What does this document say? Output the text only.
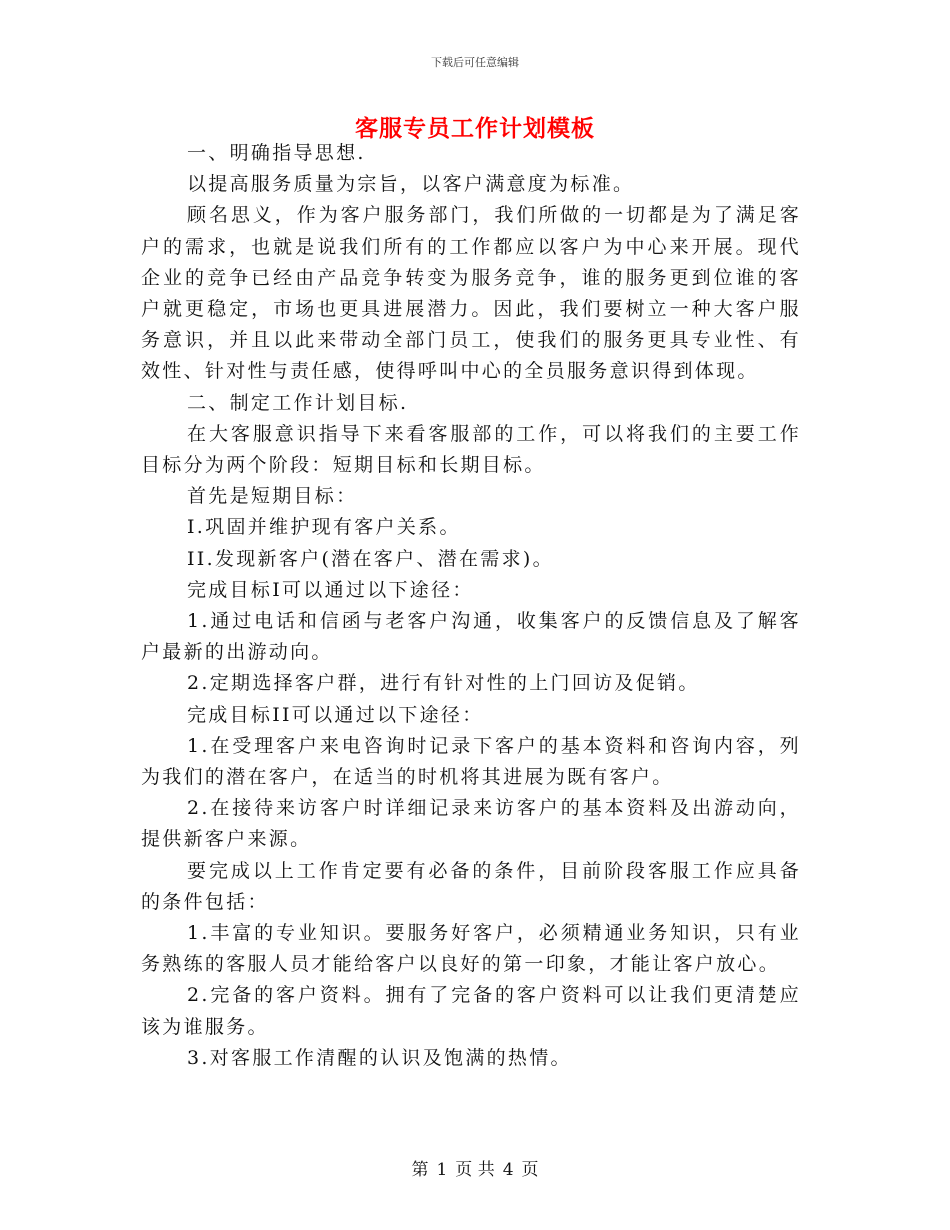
下载后可任意编辑
客服专员工作计划模板

一、明确指导思想.

以提高服务质量为宗旨，以客户满意度为标准。

顾名思义，作为客户服务部门，我们所做的一切都是为了满足客户的需求，也就是说我们所有的工作都应以客户为中心来开展。现代企业的竞争已经由产品竞争转变为服务竞争，谁的服务更到位谁的客户就更稳定，市场也更具进展潜力。因此，我们要树立一种大客户服务意识，并且以此来带动全部门员工，使我们的服务更具专业性、有效性、针对性与责任感，使得呼叫中心的全员服务意识得到体现。

二、制定工作计划目标.

在大客服意识指导下来看客服部的工作，可以将我们的主要工作目标分为两个阶段：短期目标和长期目标。

首先是短期目标：

I.巩固并维护现有客户关系。

II.发现新客户(潜在客户、潜在需求)。

完成目标I可以通过以下途径：

1.通过电话和信函与老客户沟通，收集客户的反馈信息及了解客户最新的出游动向。

2.定期选择客户群，进行有针对性的上门回访及促销。

完成目标II可以通过以下途径：

1.在受理客户来电咨询时记录下客户的基本资料和咨询内容，列为我们的潜在客户，在适当的时机将其进展为既有客户。

2.在接待来访客户时详细记录来访客户的基本资料及出游动向，提供新客户来源。

要完成以上工作肯定要有必备的条件，目前阶段客服工作应具备的条件包括：

1.丰富的专业知识。要服务好客户，必须精通业务知识，只有业务熟练的客服人员才能给客户以良好的第一印象，才能让客户放心。

2.完备的客户资料。拥有了完备的客户资料可以让我们更清楚应该为谁服务。

3.对客服工作清醒的认识及饱满的热情。

第 1 页 共 4 页
